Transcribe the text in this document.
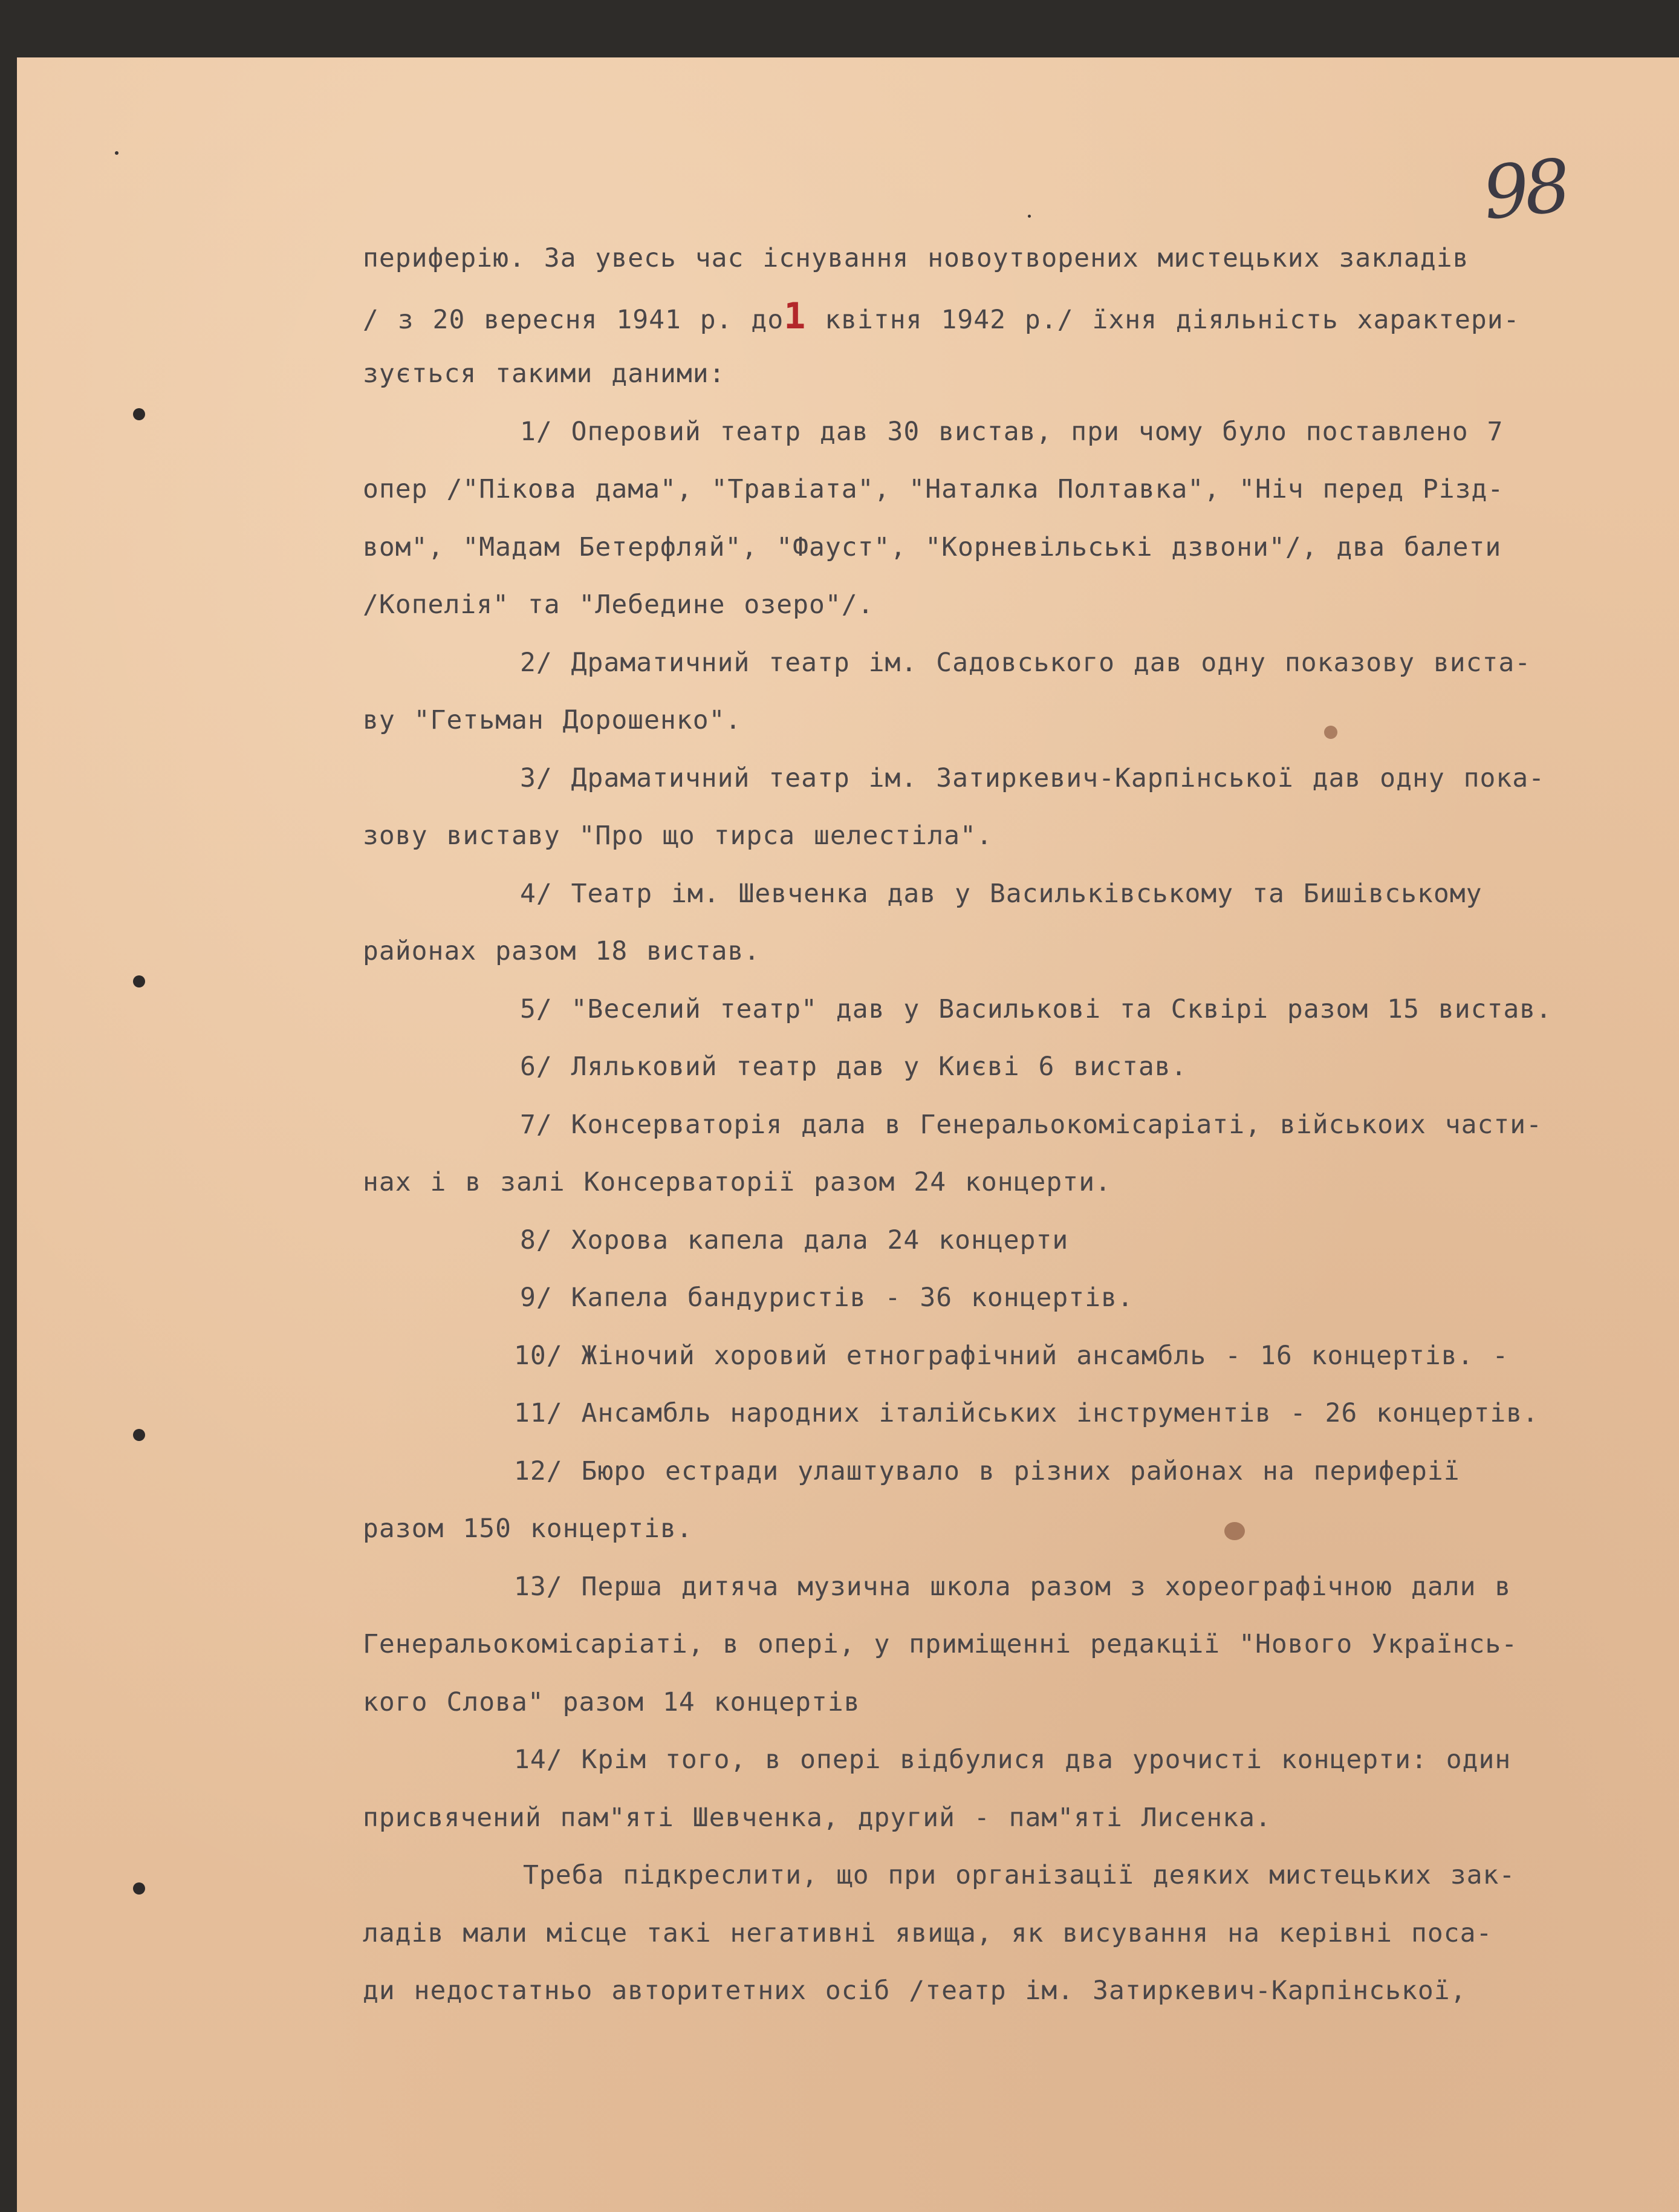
98
периферію. За увесь час існування новоутворених мистецьких закладів
/ з 20 вересня 1941 р. до1 квітня 1942 р./ їхня діяльність характери-
зується такими даними:
1/ Оперовий театр дав 30 вистав, при чому було поставлено 7
опер /"Пікова дама", "Травіата", "Наталка Полтавка", "Ніч перед Різд-
вом", "Мадам Бетерфляй", "Фауст", "Корневільські дзвони"/, два балети
/Копелія" та "Лебедине озеро"/.
2/ Драматичний театр ім. Садовського дав одну показову виста-
ву "Гетьман Дорошенко".
3/ Драматичний театр ім. Затиркевич-Карпінської дав одну пока-
зову виставу "Про що тирса шелестіла".
4/ Театр ім. Шевченка дав у Васильківському та Бишівському
районах разом 18 вистав.
5/ "Веселий театр" дав у Василькові та Сквірі разом 15 вистав.
6/ Ляльковий театр дав у Києві 6 вистав.
7/ Консерваторія дала в Генеральокомісаріаті, військоих части-
нах і в залі Консерваторії разом 24 концерти.
8/ Хорова капела дала 24 концерти
9/ Капела бандуристів - 36 концертів.
10/ Жіночий хоровий етнографічний ансамбль - 16 концертів. -
11/ Ансамбль народних італійських інструментів - 26 концертів.
12/ Бюро естради улаштувало в різних районах на периферії
разом 150 концертів.
13/ Перша дитяча музична школа разом з хореографічною дали в
Генеральокомісаріаті, в опері, у приміщенні редакції "Нового Українсь-
кого Слова" разом 14 концертів
14/ Крім того, в опері відбулися два урочисті концерти: один
присвячений пам"яті Шевченка, другий - пам"яті Лисенка.
Треба підкреслити, що при організації деяких мистецьких зак-
ладів мали місце такі негативні явища, як висування на керівні поса-
ди недостатньо авторитетних осіб /театр ім. Затиркевич-Карпінської,
